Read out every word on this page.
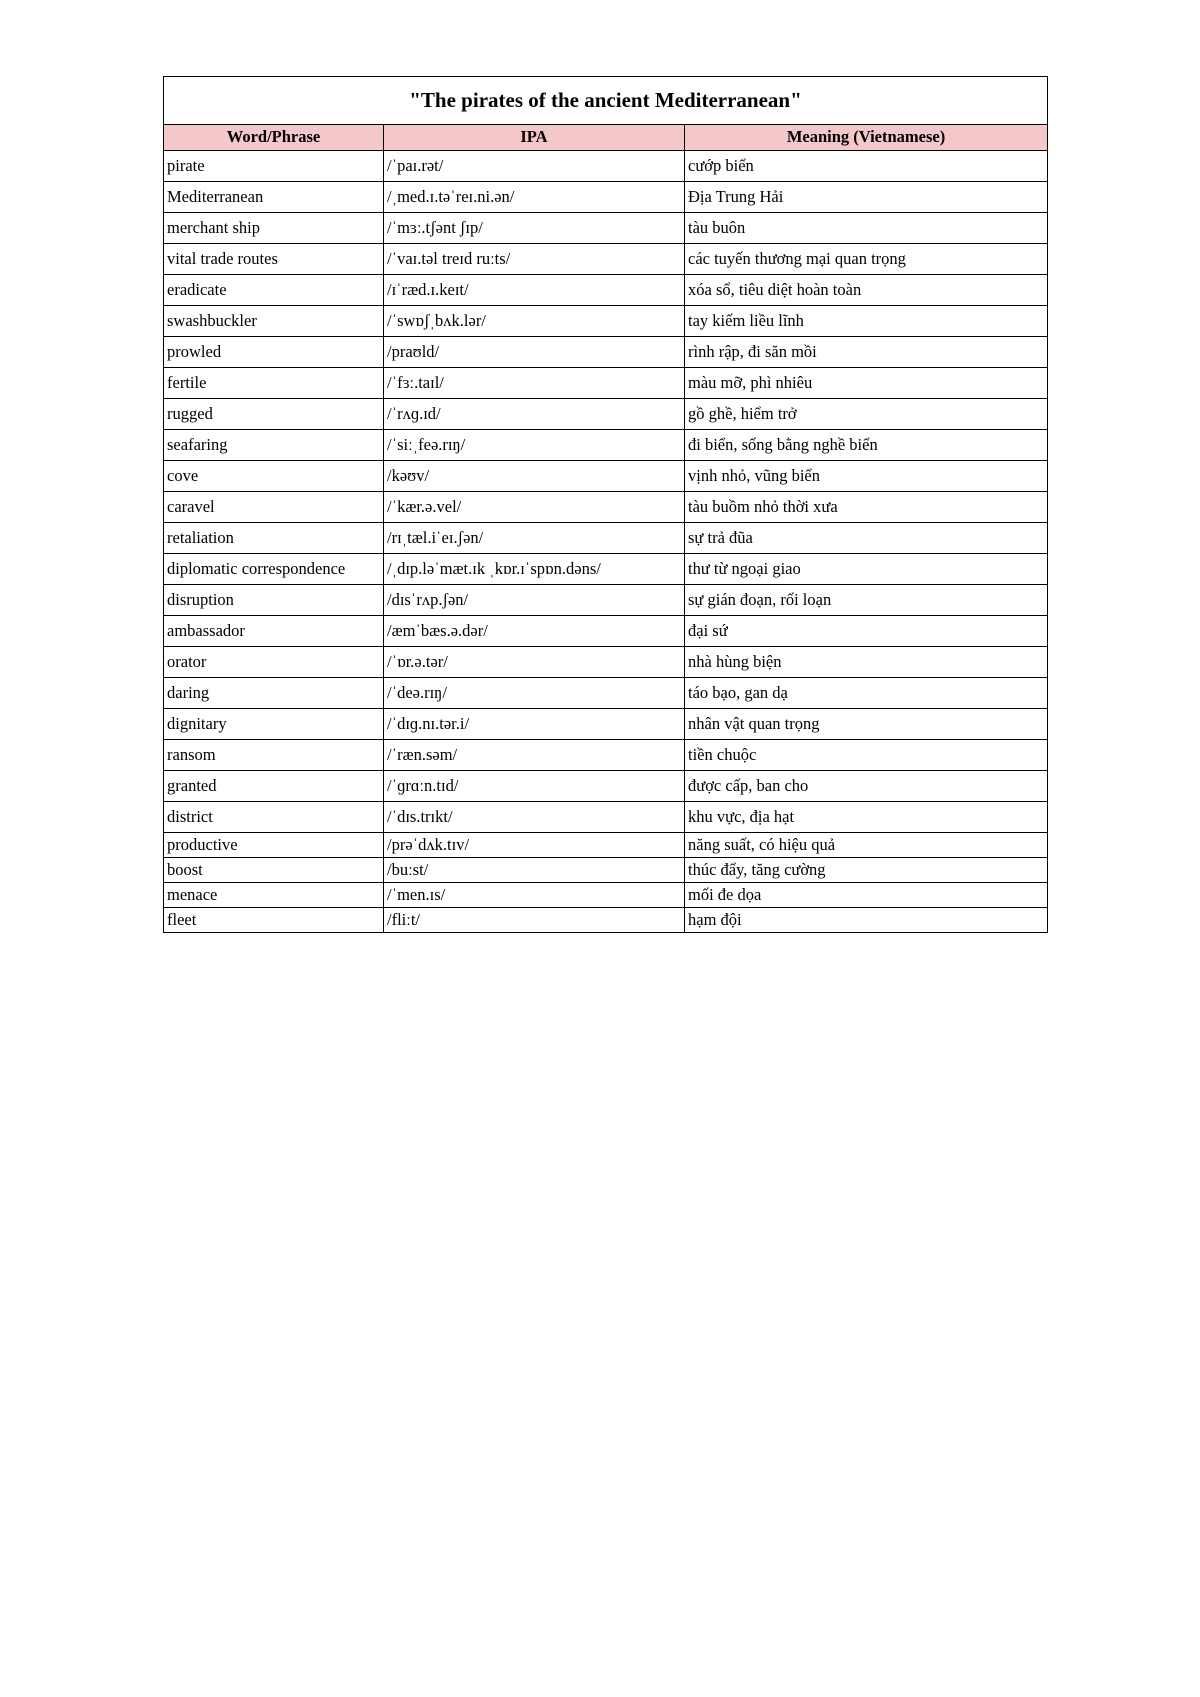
"The pirates of the ancient Mediterranean"		
Word/Phrase	IPA	Meaning (Vietnamese)
pirate	/ˈpaɪ.rət/	cướp biển
Mediterranean	/ˌmed.ɪ.təˈreɪ.ni.ən/	Địa Trung Hải
merchant ship	/ˈmɜː.tʃənt ʃɪp/	tàu buôn
vital trade routes	/ˈvaɪ.təl treɪd ruːts/	các tuyến thương mại quan trọng
eradicate	/ɪˈræd.ɪ.keɪt/	xóa sổ, tiêu diệt hoàn toàn
swashbuckler	/ˈswɒʃˌbʌk.lər/	tay kiếm liều lĩnh
prowled	/praʊld/	rình rập, đi săn mồi
fertile	/ˈfɜː.taɪl/	màu mỡ, phì nhiêu
rugged	/ˈrʌɡ.ɪd/	gồ ghề, hiểm trở
seafaring	/ˈsiːˌfeə.rɪŋ/	đi biển, sống bằng nghề biển
cove	/kəʊv/	vịnh nhỏ, vũng biển
caravel	/ˈkær.ə.vel/	tàu buồm nhỏ thời xưa
retaliation	/rɪˌtæl.iˈeɪ.ʃən/	sự trả đũa
diplomatic correspondence	/ˌdɪp.ləˈmæt.ɪk ˌkɒr.ɪˈspɒn.dəns/	thư từ ngoại giao
disruption	/dɪsˈrʌp.ʃən/	sự gián đoạn, rối loạn
ambassador	/æmˈbæs.ə.dər/	đại sứ
orator	/ˈɒr.ə.tər/	nhà hùng biện
daring	/ˈdeə.rɪŋ/	táo bạo, gan dạ
dignitary	/ˈdɪɡ.nɪ.tər.i/	nhân vật quan trọng
ransom	/ˈræn.səm/	tiền chuộc
granted	/ˈɡrɑːn.tɪd/	được cấp, ban cho
district	/ˈdɪs.trɪkt/	khu vực, địa hạt
productive	/prəˈdʌk.tɪv/	năng suất, có hiệu quả
boost	/buːst/	thúc đẩy, tăng cường
menace	/ˈmen.ɪs/	mối đe dọa
fleet	/fliːt/	hạm đội
